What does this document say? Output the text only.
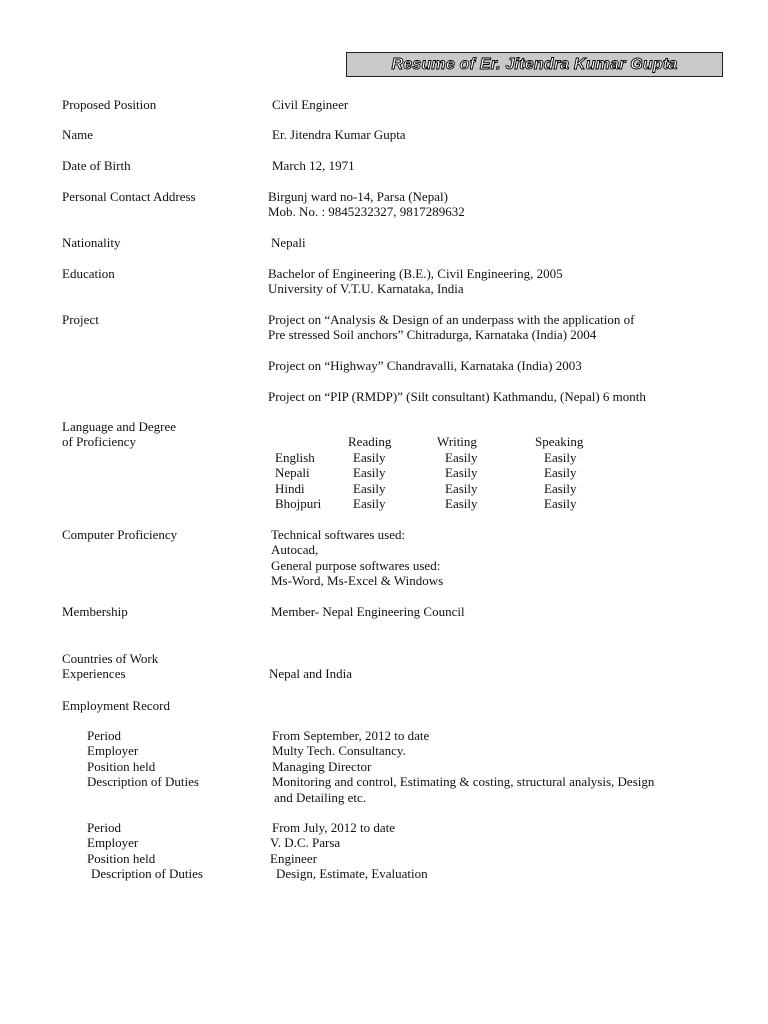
Resume of Er. Jitendra Kumar Gupta
Proposed Position	Civil Engineer
Name	Er. Jitendra Kumar Gupta
Date of Birth	March 12, 1971
Personal Contact Address	Birgunj ward no-14, Parsa (Nepal)
Mob. No. : 9845232327, 9817289632
Nationality	Nepali
Education	Bachelor of Engineering (B.E.), Civil Engineering, 2005
University of V.T.U. Karnataka, India
Project	Project on “Analysis & Design of an underpass with the application of
Pre stressed Soil anchors” Chitradurga, Karnataka (India) 2004
Project on “Highway” Chandravalli, Karnataka (India) 2003
Project on “PIP (RMDP)” (Silt consultant) Kathmandu, (Nepal) 6 month
Language and Degree
of Proficiency	Reading	Writing	Speaking
English	Easily	Easily	Easily
Nepali	Easily	Easily	Easily
Hindi	Easily	Easily	Easily
Bhojpuri Easily	Easily	Easily
Computer Proficiency	Technical softwares used:
Autocad,
General purpose softwares used:
Ms-Word, Ms-Excel & Windows
Membership	Member- Nepal Engineering Council
Countries of Work
Experiences	Nepal and India
Employment Record
Period	From September, 2012 to date
Employer	Multy Tech. Consultancy.
Position held	Managing Director
Description of Duties	Monitoring and control, Estimating & costing, structural analysis, Design
and Detailing etc.
Period	From July, 2012 to date
Employer	V. D.C. Parsa
Position held	Engineer
Description of Duties	Design, Estimate, Evaluation
